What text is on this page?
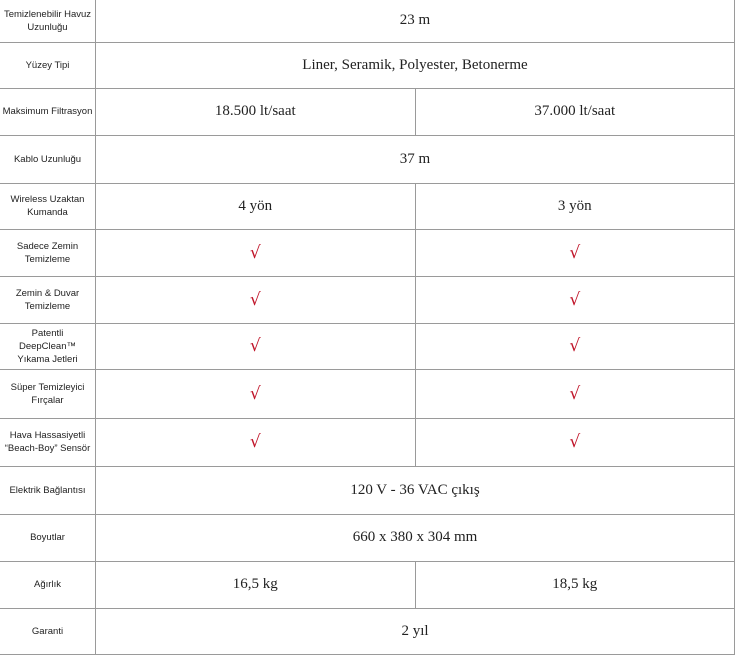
Temizlenebilir Havuz Uzunluğu	23 m	
Yüzey Tipi	Liner, Seramik, Polyester, Betonerme	
Maksimum Filtrasyon	18.500 lt/saat	37.000 lt/saat
Kablo Uzunluğu	37 m	
Wireless Uzaktan Kumanda	4 yön	3 yön
Sadece Zemin Temizleme	√	√
Zemin & Duvar Temizleme	√	√
Patentli DeepClean™ Yıkama Jetleri	√	√
Süper Temizleyici Fırçalar	√	√
Hava Hassasiyetli “Beach-Boy” Sensör	√	√
Elektrik Bağlantısı	120 V - 36 VAC çıkış	
Boyutlar	660 x 380 x 304 mm	
Ağırlık	16,5 kg	18,5 kg
Garanti	2 yıl	
